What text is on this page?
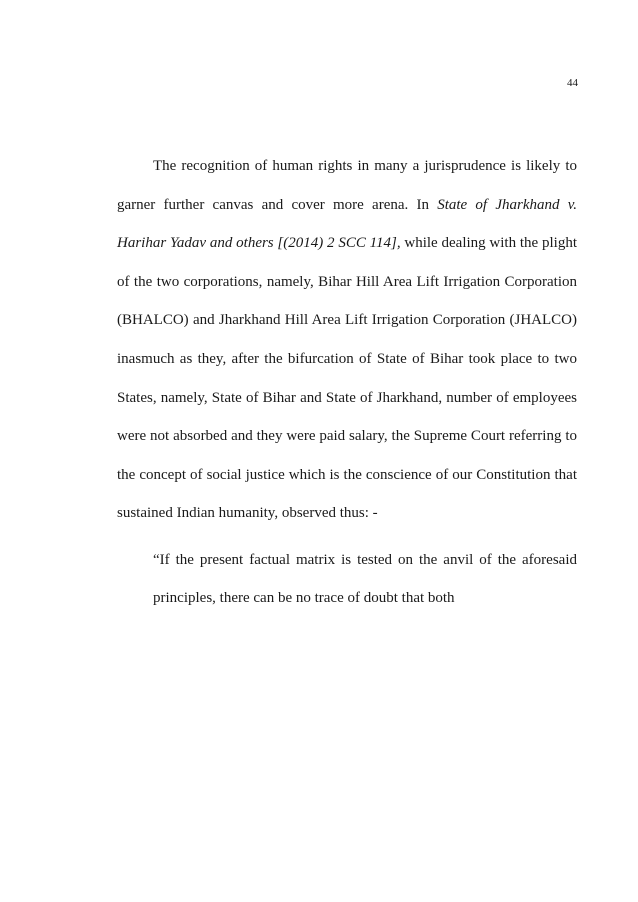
44

The recognition of human rights in many a jurisprudence is likely to garner further canvas and cover more arena. In State of Jharkhand v. Harihar Yadav and others [(2014) 2 SCC 114], while dealing with the plight of the two corporations, namely, Bihar Hill Area Lift Irrigation Corporation (BHALCO) and Jharkhand Hill Area Lift Irrigation Corporation (JHALCO) inasmuch as they, after the bifurcation of State of Bihar took place to two States, namely, State of Bihar and State of Jharkhand, number of employees were not absorbed and they were paid salary, the Supreme Court referring to the concept of social justice which is the conscience of our Constitution that sustained Indian humanity, observed thus: -

“If the present factual matrix is tested on the anvil of the aforesaid principles, there can be no trace of doubt that both
